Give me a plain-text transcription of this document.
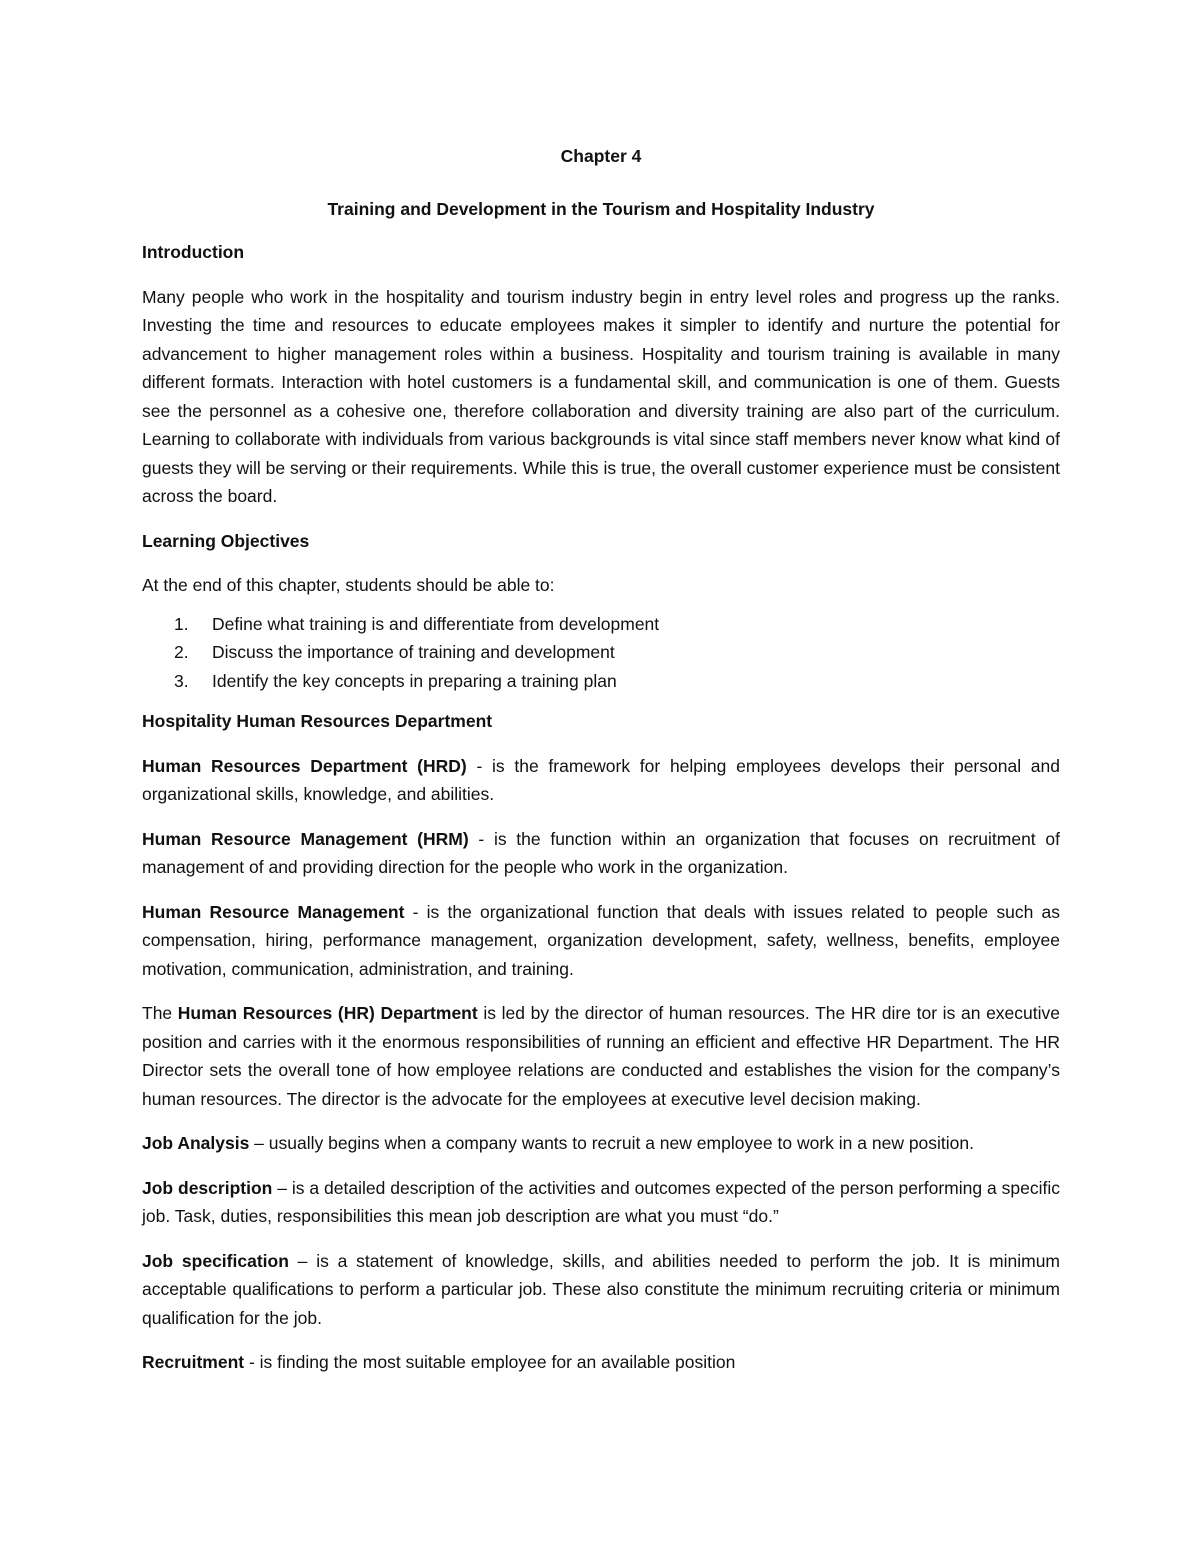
Chapter 4

Training and Development in the Tourism and Hospitality Industry

Introduction

Many people who work in the hospitality and tourism industry begin in entry level roles and progress up the ranks. Investing the time and resources to educate employees makes it simpler to identify and nurture the potential for advancement to higher management roles within a business. Hospitality and tourism training is available in many different formats. Interaction with hotel customers is a fundamental skill, and communication is one of them. Guests see the personnel as a cohesive one, therefore collaboration and diversity training are also part of the curriculum. Learning to collaborate with individuals from various backgrounds is vital since staff members never know what kind of guests they will be serving or their requirements. While this is true, the overall customer experience must be consistent across the board.

Learning Objectives

At the end of this chapter, students should be able to:

1. Define what training is and differentiate from development
2. Discuss the importance of training and development
3. Identify the key concepts in preparing a training plan

Hospitality Human Resources Department

Human Resources Department (HRD) - is the framework for helping employees develops their personal and organizational skills, knowledge, and abilities.

Human Resource Management (HRM) - is the function within an organization that focuses on recruitment of management of and providing direction for the people who work in the organization.

Human Resource Management - is the organizational function that deals with issues related to people such as compensation, hiring, performance management, organization development, safety, wellness, benefits, employee motivation, communication, administration, and training.

The Human Resources (HR) Department is led by the director of human resources. The HR dire tor is an executive position and carries with it the enormous responsibilities of running an efficient and effective HR Department. The HR Director sets the overall tone of how employee relations are conducted and establishes the vision for the company’s human resources. The director is the advocate for the employees at executive level decision making.

Job Analysis – usually begins when a company wants to recruit a new employee to work in a new position.

Job description – is a detailed description of the activities and outcomes expected of the person performing a specific job. Task, duties, responsibilities this mean job description are what you must “do.”

Job specification – is a statement of knowledge, skills, and abilities needed to perform the job. It is minimum acceptable qualifications to perform a particular job. These also constitute the minimum recruiting criteria or minimum qualification for the job.

Recruitment - is finding the most suitable employee for an available position
